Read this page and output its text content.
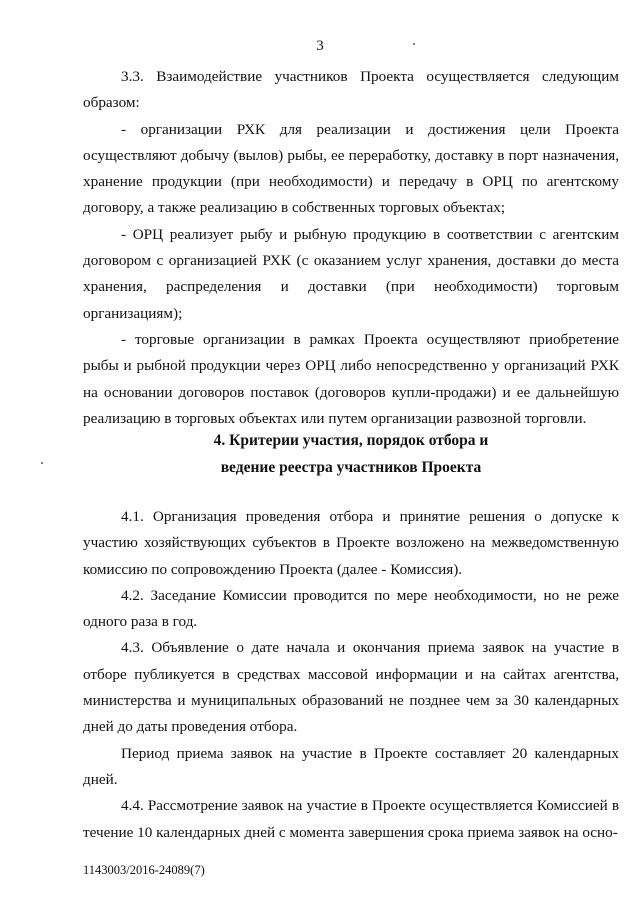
3

3.3. Взаимодействие участников Проекта осуществляется следующим образом:

- организации РХК для реализации и достижения цели Проекта осуществляют добычу (вылов) рыбы, ее переработку, доставку в порт назначения, хранение продукции (при необходимости) и передачу в ОРЦ по агентскому договору, а также реализацию в собственных торговых объектах;

- ОРЦ реализует рыбу и рыбную продукцию в соответствии с агентским договором с организацией РХК (с оказанием услуг хранения, доставки до места хранения, распределения и доставки (при необходимости) торговым организациям);

- торговые организации в рамках Проекта осуществляют приобретение рыбы и рыбной продукции через ОРЦ либо непосредственно у организаций РХК на основании договоров поставок (договоров купли-продажи) и ее дальнейшую реализацию в торговых объектах или путем организации развозной торговли.

4. Критерии участия, порядок отбора и
ведение реестра участников Проекта

4.1. Организация проведения отбора и принятие решения о допуске к участию хозяйствующих субъектов в Проекте возложено на межведомственную комиссию по сопровождению Проекта (далее - Комиссия).

4.2. Заседание Комиссии проводится по мере необходимости, но не реже одного раза в год.

4.3. Объявление о дате начала и окончания приема заявок на участие в отборе публикуется в средствах массовой информации и на сайтах агентства, министерства и муниципальных образований не позднее чем за 30 календарных дней до даты проведения отбора.

Период приема заявок на участие в Проекте составляет 20 календарных дней.

4.4. Рассмотрение заявок на участие в Проекте осуществляется Комиссией в течение 10 календарных дней с момента завершения срока приема заявок на осно-

1143003/2016-24089(7)
